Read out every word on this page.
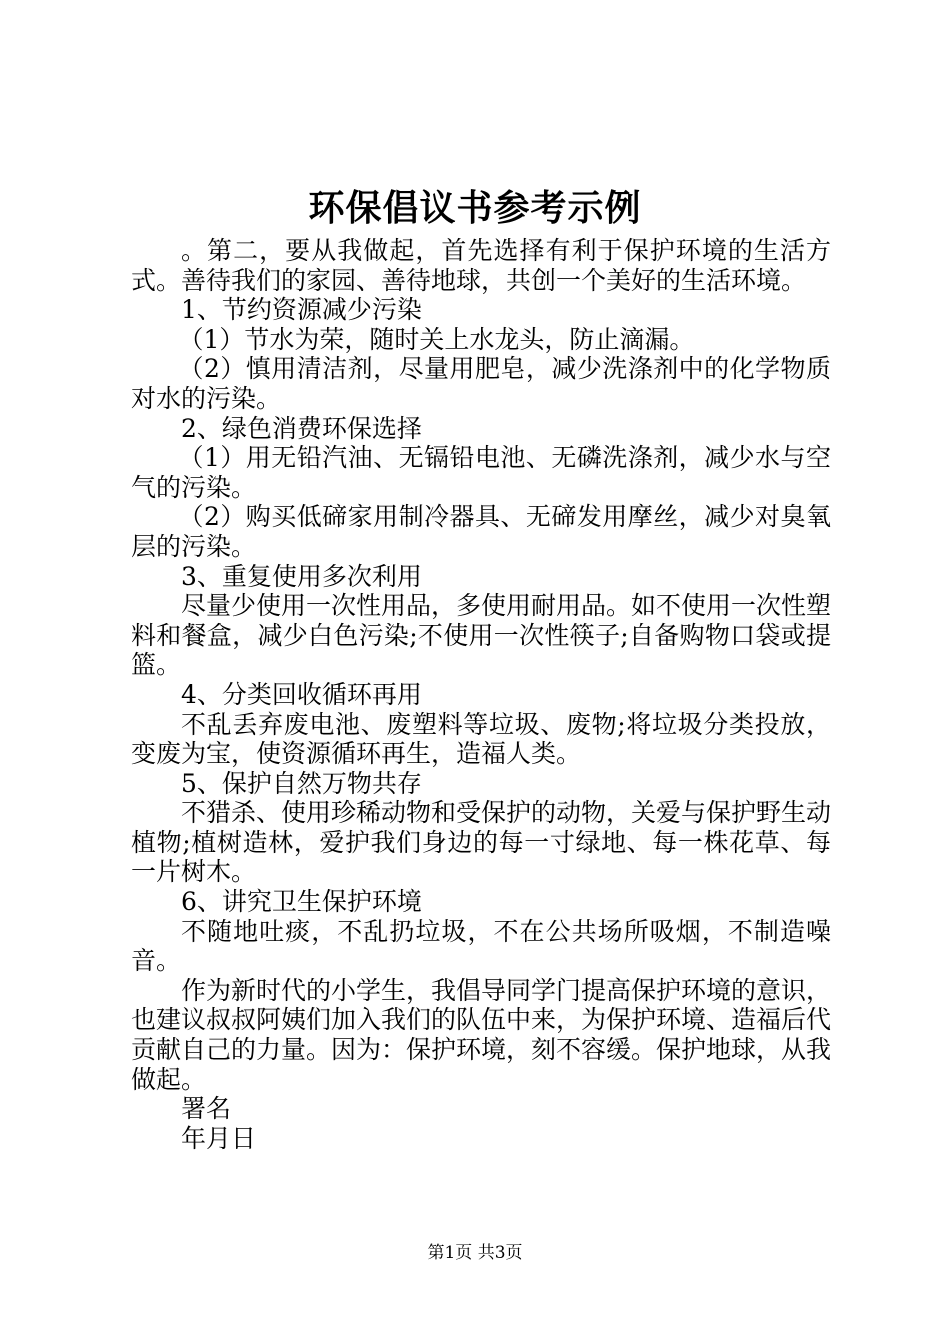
环保倡议书参考示例

。第二，要从我做起，首先选择有利于保护环境的生活方式。善待我们的家园、善待地球，共创一个美好的生活环境。

1、节约资源减少污染

（1）节水为荣，随时关上水龙头，防止滴漏。

（2）慎用清洁剂，尽量用肥皂，减少洗涤剂中的化学物质对水的污染。

2、绿色消费环保选择

（1）用无铅汽油、无镉铅电池、无磷洗涤剂，减少水与空气的污染。

（2）购买低碲家用制冷器具、无碲发用摩丝，减少对臭氧层的污染。

3、重复使用多次利用

尽量少使用一次性用品，多使用耐用品。如不使用一次性塑料和餐盒，减少白色污染;不使用一次性筷子;自备购物口袋或提篮。

4、分类回收循环再用

不乱丢弃废电池、废塑料等垃圾、废物;将垃圾分类投放，变废为宝，使资源循环再生，造福人类。

5、保护自然万物共存

不猎杀、使用珍稀动物和受保护的动物，关爱与保护野生动植物;植树造林，爱护我们身边的每一寸绿地、每一株花草、每一片树木。

6、讲究卫生保护环境

不随地吐痰，不乱扔垃圾，不在公共场所吸烟，不制造噪音。

作为新时代的小学生，我倡导同学门提高保护环境的意识，也建议叔叔阿姨们加入我们的队伍中来，为保护环境、造福后代贡献自己的力量。因为：保护环境，刻不容缓。保护地球，从我做起。

署名

年月日

第1页 共3页
